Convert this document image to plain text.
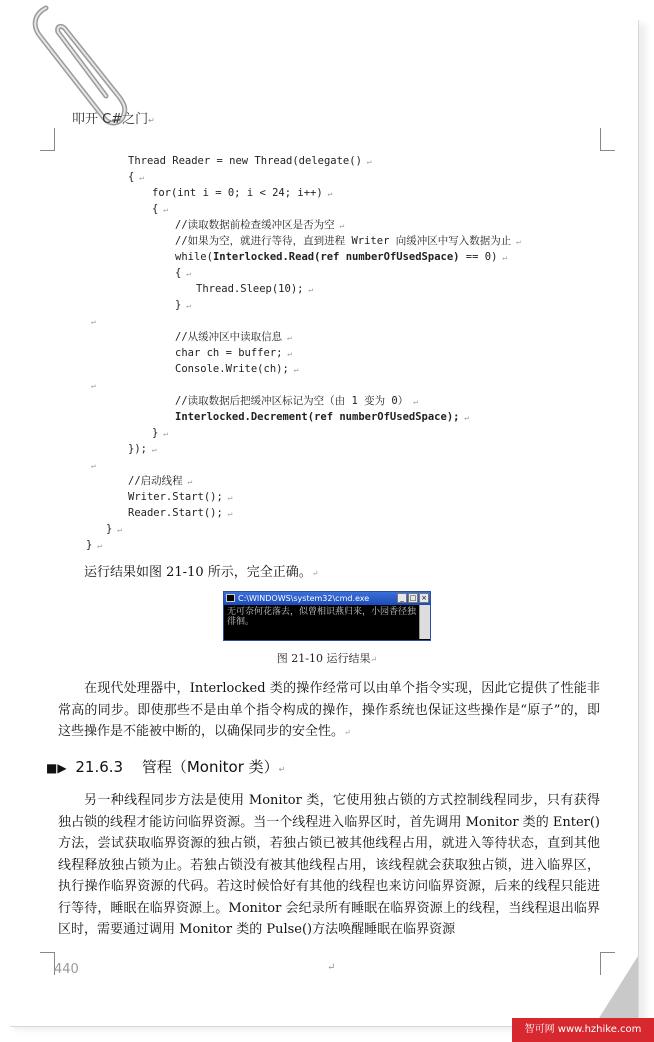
叩开 C#之门↵
Thread Reader = new Thread(delegate() ↵
{ ↵
for(int i = 0; i < 24; i++) ↵
{ ↵
//读取数据前检查缓冲区是否为空 ↵
//如果为空，就进行等待，直到进程 Writer 向缓冲区中写入数据为止 ↵
while(Interlocked.Read(ref numberOfUsedSpace) == 0) ↵
{ ↵
Thread.Sleep(10); ↵
} ↵
↵
//从缓冲区中读取信息 ↵
char ch = buffer; ↵
Console.Write(ch); ↵
↵
//读取数据后把缓冲区标记为空（由 1 变为 0） ↵
Interlocked.Decrement(ref numberOfUsedSpace); ↵
} ↵
}); ↵
↵
//启动线程 ↵
Writer.Start(); ↵
Reader.Start(); ↵
} ↵
} ↵
运行结果如图 21-10 所示，完全正确。↵
C:\WINDOWS\system32\cmd.exe	_ □ ×
无可奈何花落去，似曾相识燕归来，小园香径独徘徊。
图 21-10 运行结果↵
在现代处理器中，Interlocked 类的操作经常可以由单个指令实现，因此它提供了性能非常高的同步。即使那些不是由单个指令构成的操作，操作系统也保证这些操作是“原子”的，即这些操作是不能被中断的，以确保同步的安全性。↵
■▶ 21.6.3 管程（Monitor 类）↵
另一种线程同步方法是使用 Monitor 类，它使用独占锁的方式控制线程同步，只有获得独占锁的线程才能访问临界资源。当一个线程进入临界区时，首先调用 Monitor 类的 Enter()方法，尝试获取临界资源的独占锁，若独占锁已被其他线程占用，就进入等待状态，直到其他线程释放独占锁为止。若独占锁没有被其他线程占用，该线程就会获取独占锁，进入临界区，执行操作临界资源的代码。若这时候恰好有其他的线程也来访问临界资源，后来的线程只能进行等待，睡眠在临界资源上。Monitor 会纪录所有睡眠在临界资源上的线程，当线程退出临界区时，需要通过调用 Monitor 类的 Pulse()方法唤醒睡眠在临界资源
440	↵
智可网 www.hzhike.com
